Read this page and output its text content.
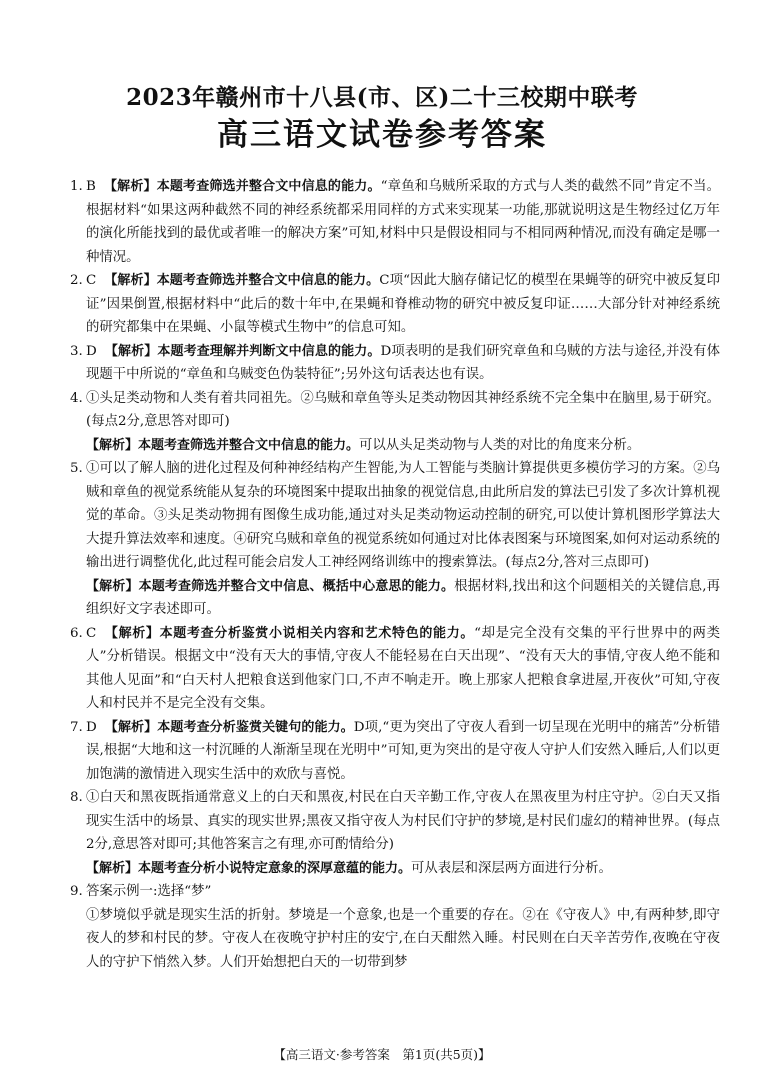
2023年赣州市十八县(市、区)二十三校期中联考
高三语文试卷参考答案
1. B 【解析】本题考查筛选并整合文中信息的能力。“章鱼和乌贼所采取的方式与人类的截然不同”肯定不当。根据材料“如果这两种截然不同的神经系统都采用同样的方式来实现某一功能,那就说明这是生物经过亿万年的演化所能找到的最优或者唯一的解决方案”可知,材料中只是假设相同与不相同两种情况,而没有确定是哪一种情况。
2. C 【解析】本题考查筛选并整合文中信息的能力。C项“因此大脑存储记忆的模型在果蝇等的研究中被反复印证”因果倒置,根据材料中“此后的数十年中,在果蝇和脊椎动物的研究中被反复印证……大部分针对神经系统的研究都集中在果蝇、小鼠等模式生物中”的信息可知。
3. D 【解析】本题考查理解并判断文中信息的能力。D项表明的是我们研究章鱼和乌贼的方法与途径,并没有体现题干中所说的“章鱼和乌贼变色伪装特征”;另外这句话表达也有误。
4. ①头足类动物和人类有着共同祖先。②乌贼和章鱼等头足类动物因其神经系统不完全集中在脑里,易于研究。(每点2分,意思答对即可)
【解析】本题考查筛选并整合文中信息的能力。可以从头足类动物与人类的对比的角度来分析。
5. ①可以了解人脑的进化过程及何种神经结构产生智能,为人工智能与类脑计算提供更多模仿学习的方案。②乌贼和章鱼的视觉系统能从复杂的环境图案中提取出抽象的视觉信息,由此所启发的算法已引发了多次计算机视觉的革命。③头足类动物拥有图像生成功能,通过对头足类动物运动控制的研究,可以使计算机图形学算法大大提升算法效率和速度。④研究乌贼和章鱼的视觉系统如何通过对比体表图案与环境图案,如何对运动系统的输出进行调整优化,此过程可能会启发人工神经网络训练中的搜索算法。(每点2分,答对三点即可)
【解析】本题考查筛选并整合文中信息、概括中心意思的能力。根据材料,找出和这个问题相关的关键信息,再组织好文字表述即可。
6. C 【解析】本题考查分析鉴赏小说相关内容和艺术特色的能力。“却是完全没有交集的平行世界中的两类人”分析错误。根据文中“没有天大的事情,守夜人不能轻易在白天出现”、“没有天大的事情,守夜人绝不能和其他人见面”和“白天村人把粮食送到他家门口,不声不响走开。晚上那家人把粮食拿进屋,开夜伙”可知,守夜人和村民并不是完全没有交集。
7. D 【解析】本题考查分析鉴赏关键句的能力。D项,“更为突出了守夜人看到一切呈现在光明中的痛苦”分析错误,根据“大地和这一村沉睡的人渐渐呈现在光明中”可知,更为突出的是守夜人守护人们安然入睡后,人们以更加饱满的激情进入现实生活中的欢欣与喜悦。
8. ①白天和黑夜既指通常意义上的白天和黑夜,村民在白天辛勤工作,守夜人在黑夜里为村庄守护。②白天又指现实生活中的场景、真实的现实世界;黑夜又指守夜人为村民们守护的梦境,是村民们虚幻的精神世界。(每点2分,意思答对即可;其他答案言之有理,亦可酌情给分)
【解析】本题考查分析小说特定意象的深厚意蕴的能力。可从表层和深层两方面进行分析。
9. 答案示例一:选择“梦”
①梦境似乎就是现实生活的折射。梦境是一个意象,也是一个重要的存在。②在《守夜人》中,有两种梦,即守夜人的梦和村民的梦。守夜人在夜晚守护村庄的安宁,在白天酣然入睡。村民则在白天辛苦劳作,夜晚在守夜人的守护下悄然入梦。人们开始想把白天的一切带到梦
【高三语文·参考答案　第1页(共5页)】
